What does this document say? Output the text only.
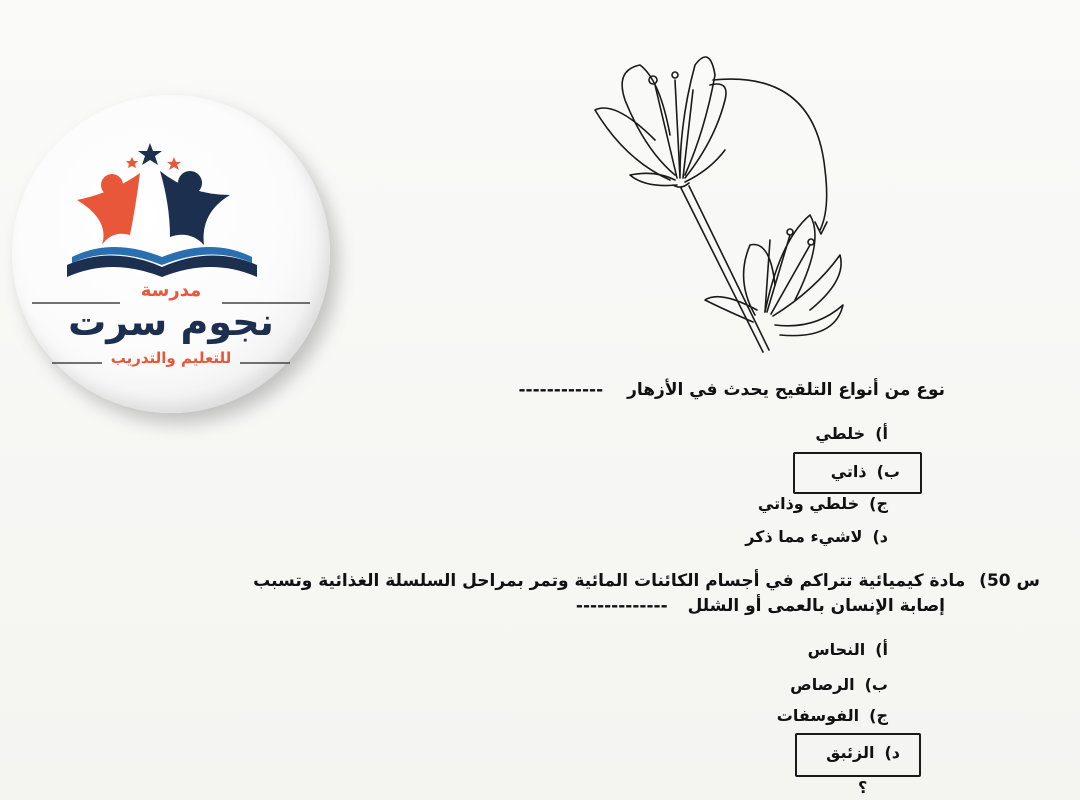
مدرسة
نجوم سرت
للتعليم والتدريب
نوع من أنواع التلقيح يحدث في الأزهار ------------
أ)خلطي
ب)ذاتي
ج)خلطي وذاتي
د)لاشيء مما ذكر
س 50) مادة كيميائية تتراكم في أجسام الكائنات المائية وتمر بمراحل السلسلة الغذائية وتسبب
إصابة الإنسان بالعمى أو الشلل -------------
أ)النحاس
ب)الرصاص
ج)الفوسفات
د)الزئبق
؟
